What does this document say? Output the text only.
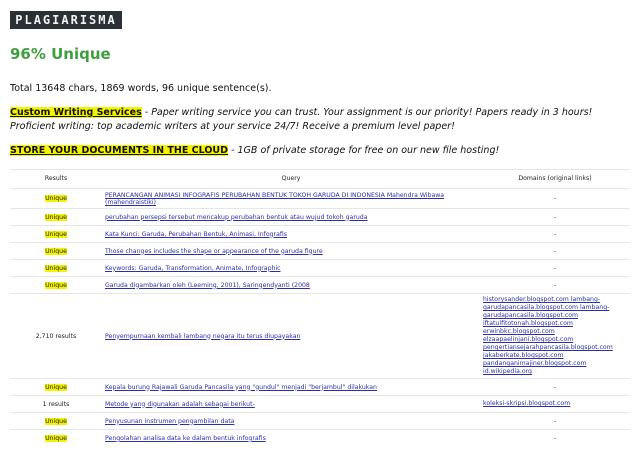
PLAGIARISMA
96% Unique
Total 13648 chars, 1869 words, 96 unique sentence(s).
Custom Writing Services - Paper writing service you can trust. Your assignment is our priority! Papers ready in 3 hours! Proficient writing: top academic writers at your service 24/7! Receive a premium level paper!
STORE YOUR DOCUMENTS IN THE CLOUD - 1GB of private storage for free on our new file hosting!
Results	Query	Domains (original links)
Unique	PERANCANGAN ANIMASI INFOGRAFIS PERUBAHAN BENTUK TOKOH GARUDA DI INDONESIA Mahendra Wibawa (mahendraistiki)	-
Unique	perubahan persepsi tersebut mencakup perubahan bentuk atau wujud tokoh garuda	-
Unique	Kata Kunci: Garuda, Perubahan Bentuk, Animasi, Infografis	-
Unique	Those changes includes the shape or appearance of the garuda figure	-
Unique	Keywords: Garuda, Transformation, Animate, Infographic	-
Unique	Garuda digambarkan oleh (Leeming, 2001), Saringendyanti (2008	-
2,710 results	Penyempurnaan kembali lambang negara itu terus diupayakan	historysander.blogspot.com lambang-garudapancasila.blogspot.com lambang-garudapancasila.blogspot.com iftatulfitotonah.blogspot.com erwinbkc.blogspot.com elzaapaelinjani.blogspot.com pengertiansejarahpancasila.blogspot.com jakaberkate.blogspot.com pandanganimajiner.blogspot.com id.wikipedia.org
Unique	Kepala burung Rajawali Garuda Pancasila yang "gundul" menjadi "berjambul" dilakukan	-
1 results	Metode yang digunakan adalah sebagai berikut-	koleksi-skripsi.blogspot.com
Unique	Penyusunan instrumen pengambilan data	-
Unique	Pengolahan analisa data ke dalam bentuk infografis	-
